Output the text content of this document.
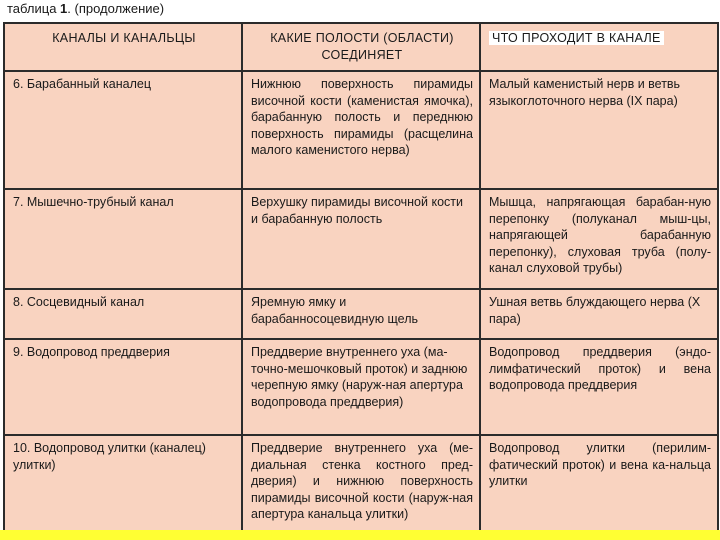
таблица 1. (продолжение)
КАНАЛЫ И КАНАЛЬЦЫ	КАКИЕ ПОЛОСТИ (ОБЛАСТИ) СОЕДИНЯЕТ	ЧТО ПРОХОДИТ В КАНАЛЕ
6. Барабанный каналец	Нижнюю поверхность пирамиды височной кости (каменистая ямочка), барабанную полость и переднюю поверхность пирамиды (расщелина малого каменистого нерва)	Малый каменистый нерв и ветвь языкоглоточного нерва (IX пара)
7. Мышечно-трубный канал	Верхушку пирамиды височной кости и барабанную полость	Мышца, напрягающая барабан-ную перепонку (полуканал мыш-цы, напрягающей барабанную перепонку), слуховая труба (полу-канал слуховой трубы)
8. Сосцевидный канал	Яремную ямку и барабанносоцевидную щель	Ушная ветвь блуждающего нерва (X пара)
9. Водопровод преддверия	Преддверие внутреннего уха (ма-точно-мешочковый проток) и заднюю черепную ямку (наруж-ная апертура водопровода преддверия)	Водопровод преддверия (эндо-лимфатический проток) и вена водопровода преддверия
10. Водопровод улитки (каналец) улитки)	Преддверие внутреннего уха (ме-диальная стенка костного пред-дверия) и нижнюю поверхность пирамиды височной кости (наруж-ная апертура канальца улитки)	Водопровод улитки (перилим-фатический проток) и вена ка-нальца улитки
